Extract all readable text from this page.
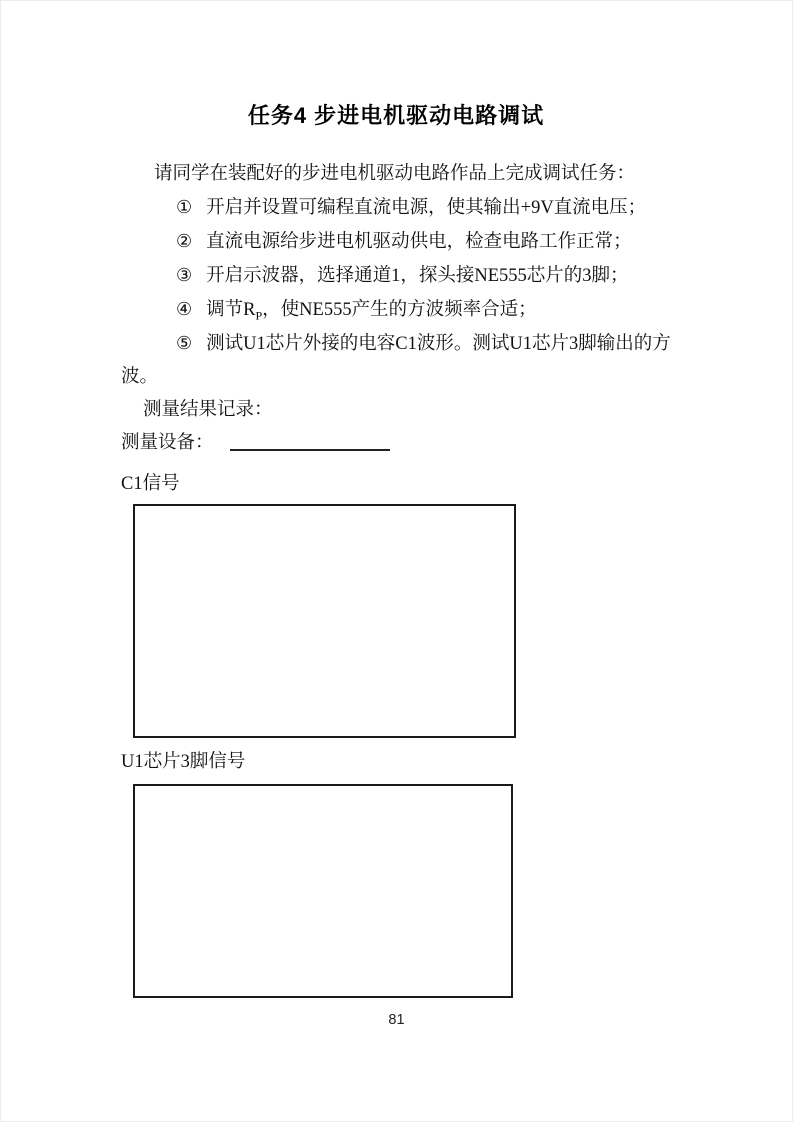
任务4 步进电机驱动电路调试

请同学在装配好的步进电机驱动电路作品上完成调试任务：

① 开启并设置可编程直流电源，使其输出+9V直流电压；

② 直流电源给步进电机驱动供电，检查电路工作正常；

③ 开启示波器，选择通道1，探头接NE555芯片的3脚；

④ 调节$R_P$，使NE555产生的方波频率合适；

⑤ 测试U1芯片外接的电容C1波形。测试U1芯片3脚输出的方波。

测量结果记录：

测量设备：

C1信号

U1芯片3脚信号

81
